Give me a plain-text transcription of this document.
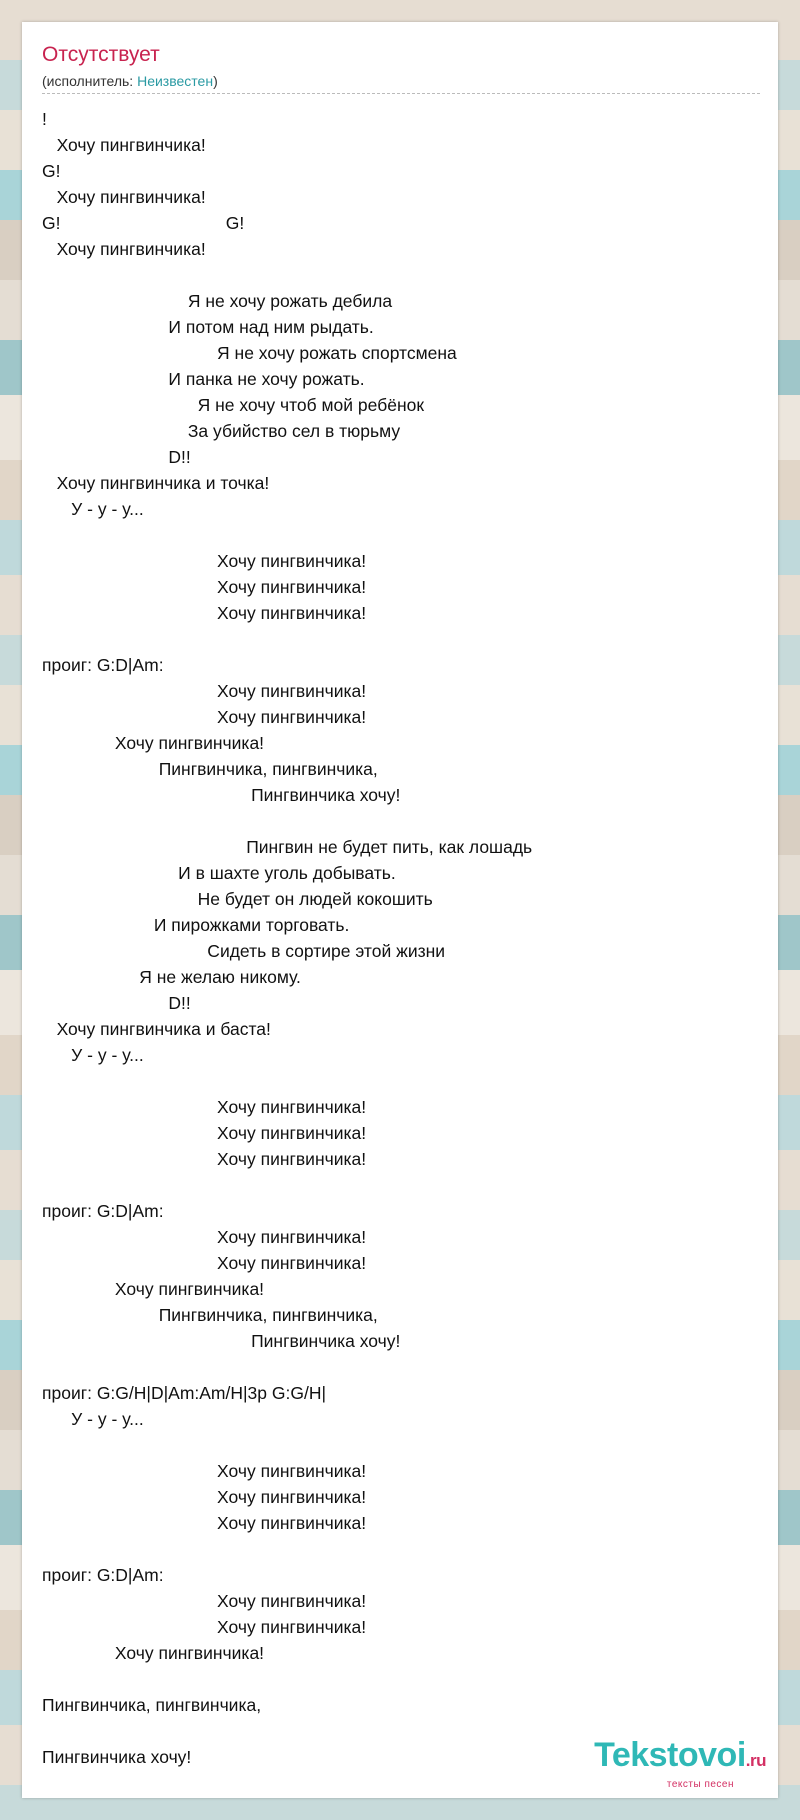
Отсутствует
(исполнитель: Неизвестен)
!
Хочу пингвинчика!
G!
Хочу пингвинчика!
G!                                  G!
Хочу пингвинчика!

Я не хочу рожать дебила
И потом над ним рыдать.
Я не хочу рожать спортсмена
И панка не хочу рожать.
Я не хочу чтоб мой ребёнок
За убийство сел в тюрьму
D!!
Хочу пингвинчика и точка!
У - у - у...

Хочу пингвинчика!
Хочу пингвинчика!
Хочу пингвинчика!

проиг: G:D|Am:
Хочу пингвинчика!
Хочу пингвинчика!
Хочу пингвинчика!
Пингвинчика, пингвинчика,
Пингвинчика хочу!

Пингвин не будет пить, как лошадь
И в шахте уголь добывать.
Не будет он людей кокошить
И пирожками торговать.
Сидеть в сортире этой жизни
Я не желаю никому.
D!!
Хочу пингвинчика и баста!
У - у - у...

Хочу пингвинчика!
Хочу пингвинчика!
Хочу пингвинчика!

проиг: G:D|Am:
Хочу пингвинчика!
Хочу пингвинчика!
Хочу пингвинчика!
Пингвинчика, пингвинчика,
Пингвинчика хочу!

проиг: G:G/H|D|Am:Am/H|3р G:G/H|
У - у - у...

Хочу пингвинчика!
Хочу пингвинчика!
Хочу пингвинчика!

проиг: G:D|Am:
Хочу пингвинчика!
Хочу пингвинчика!
Хочу пингвинчика!

Пингвинчика, пингвинчика,

Пингвинчика хочу!	Tekstovoi.ru
тексты песен
